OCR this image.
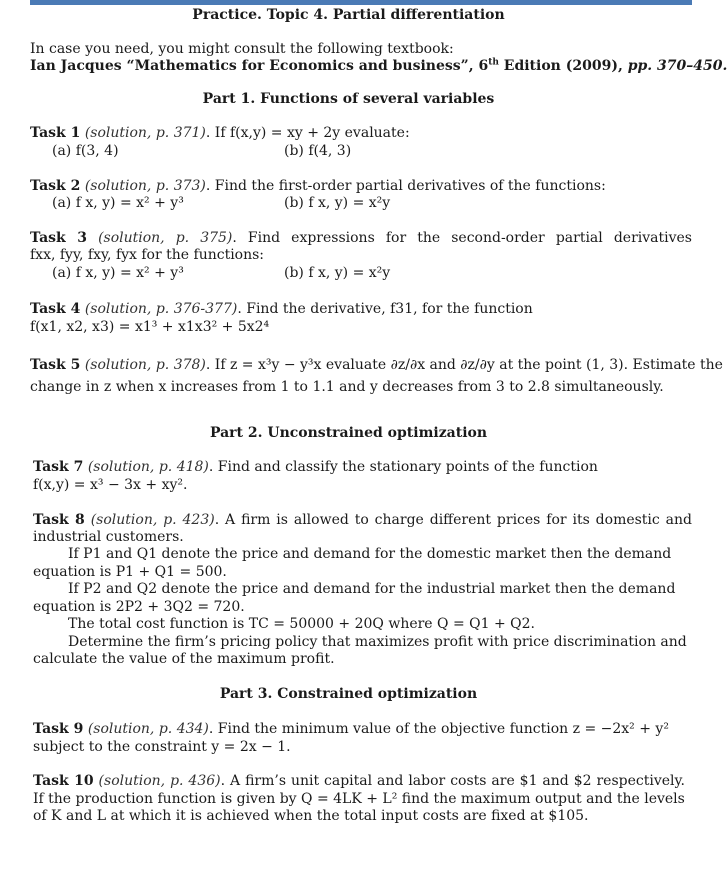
Practice. Topic 4. Partial differentiation
In case you need, you might consult the following textbook:
Ian Jacques “Mathematics for Economics and business”, 6th Edition (2009), pp. 370–450.
Part 1. Functions of several variables
Task 1 (solution, p. 371). If f(x,y) = xy + 2y evaluate:
(a) f(3, 4)	(b) f(4, 3)
Task 2 (solution, p. 373). Find the first-order partial derivatives of the functions:
(a) f x, y) = x² + y³	(b) f x, y) = x²y
Task 3 (solution, p. 375). Find expressions for the second-order partial derivatives
fxx, fyy, fxy, fyx for the functions:
(a) f x, y) = x² + y³	(b) f x, y) = x²y
Task 4 (solution, p. 376-377). Find the derivative, f31, for the function
f(x1, x2, x3) = x1³ + x1x3² + 5x2⁴
Task 5 (solution, p. 378). If z = x³y − y³x evaluate ∂z/∂x and ∂z/∂y at the point (1, 3). Estimate the
change in z when x increases from 1 to 1.1 and y decreases from 3 to 2.8 simultaneously.
Part 2. Unconstrained optimization
Task 7 (solution, p. 418). Find and classify the stationary points of the function
f(x,y) = x³ − 3x + xy².
Task 8 (solution, p. 423). A firm is allowed to charge different prices for its domestic and
industrial customers.
If P1 and Q1 denote the price and demand for the domestic market then the demand
equation is P1 + Q1 = 500.
If P2 and Q2 denote the price and demand for the industrial market then the demand
equation is 2P2 + 3Q2 = 720.
The total cost function is TC = 50000 + 20Q where Q = Q1 + Q2.
Determine the firm’s pricing policy that maximizes profit with price discrimination and
calculate the value of the maximum profit.
Part 3. Constrained optimization
Task 9 (solution, p. 434). Find the minimum value of the objective function z = −2x² + y²
subject to the constraint y = 2x − 1.
Task 10 (solution, p. 436). A firm’s unit capital and labor costs are $1 and $2 respectively.
If the production function is given by Q = 4LK + L² find the maximum output and the levels
of K and L at which it is achieved when the total input costs are fixed at $105.
